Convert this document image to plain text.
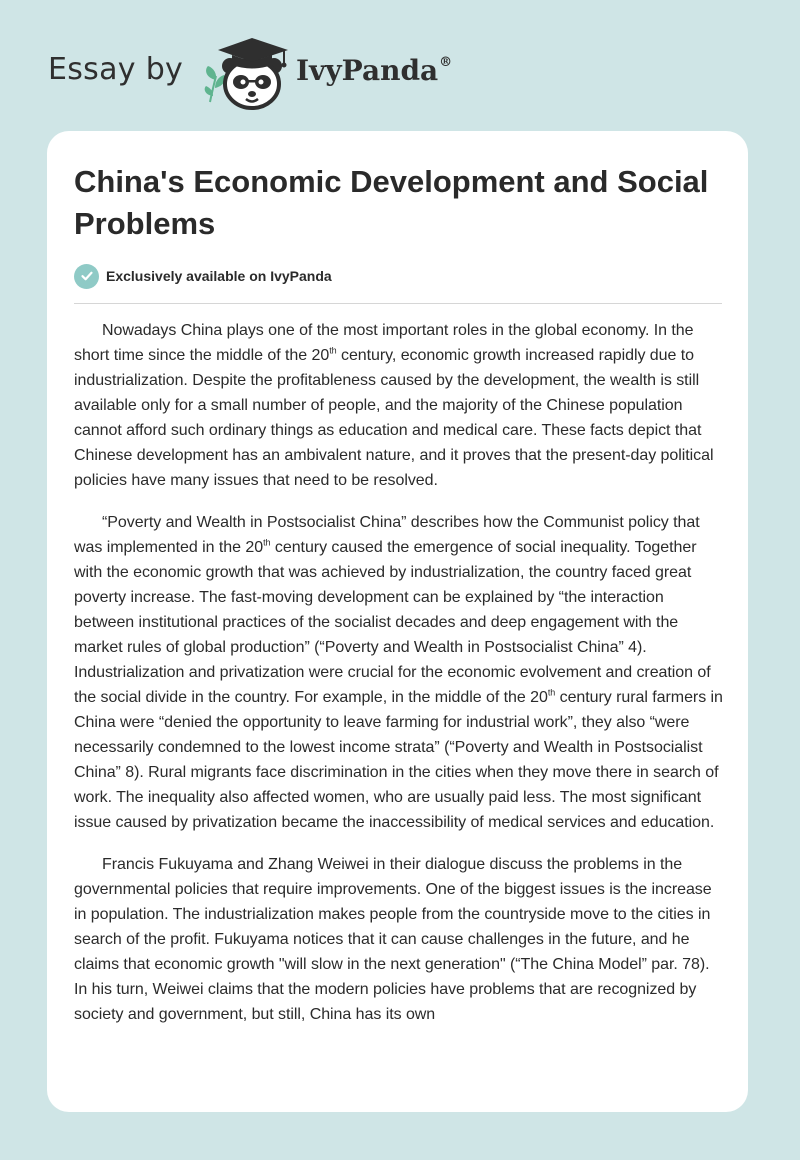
Essay by	IvyPanda®
China's Economic Development and Social Problems
Exclusively available on IvyPanda

Nowadays China plays one of the most important roles in the global economy. In the short time since the middle of the 20th century, economic growth increased rapidly due to industrialization. Despite the profitableness caused by the development, the wealth is still available only for a small number of people, and the majority of the Chinese population cannot afford such ordinary things as education and medical care. These facts depict that Chinese development has an ambivalent nature, and it proves that the present-day political policies have many issues that need to be resolved.

“Poverty and Wealth in Postsocialist China” describes how the Communist policy that was implemented in the 20th century caused the emergence of social inequality. Together with the economic growth that was achieved by industrialization, the country faced great poverty increase. The fast-moving development can be explained by “the interaction between institutional practices of the socialist decades and deep engagement with the market rules of global production” (“Poverty and Wealth in Postsocialist China” 4). Industrialization and privatization were crucial for the economic evolvement and creation of the social divide in the country. For example, in the middle of the 20th century rural farmers in China were “denied the opportunity to leave farming for industrial work”, they also “were necessarily condemned to the lowest income strata” (“Poverty and Wealth in Postsocialist China” 8). Rural migrants face discrimination in the cities when they move there in search of work. The inequality also affected women, who are usually paid less. The most significant issue caused by privatization became the inaccessibility of medical services and education.

Francis Fukuyama and Zhang Weiwei in their dialogue discuss the problems in the governmental policies that require improvements. One of the biggest issues is the increase in population. The industrialization makes people from the countryside move to the cities in search of the profit. Fukuyama notices that it can cause challenges in the future, and he claims that economic growth "will slow in the next generation" (“The China Model” par. 78). In his turn, Weiwei claims that the modern policies have problems that are recognized by society and government, but still, China has its own
